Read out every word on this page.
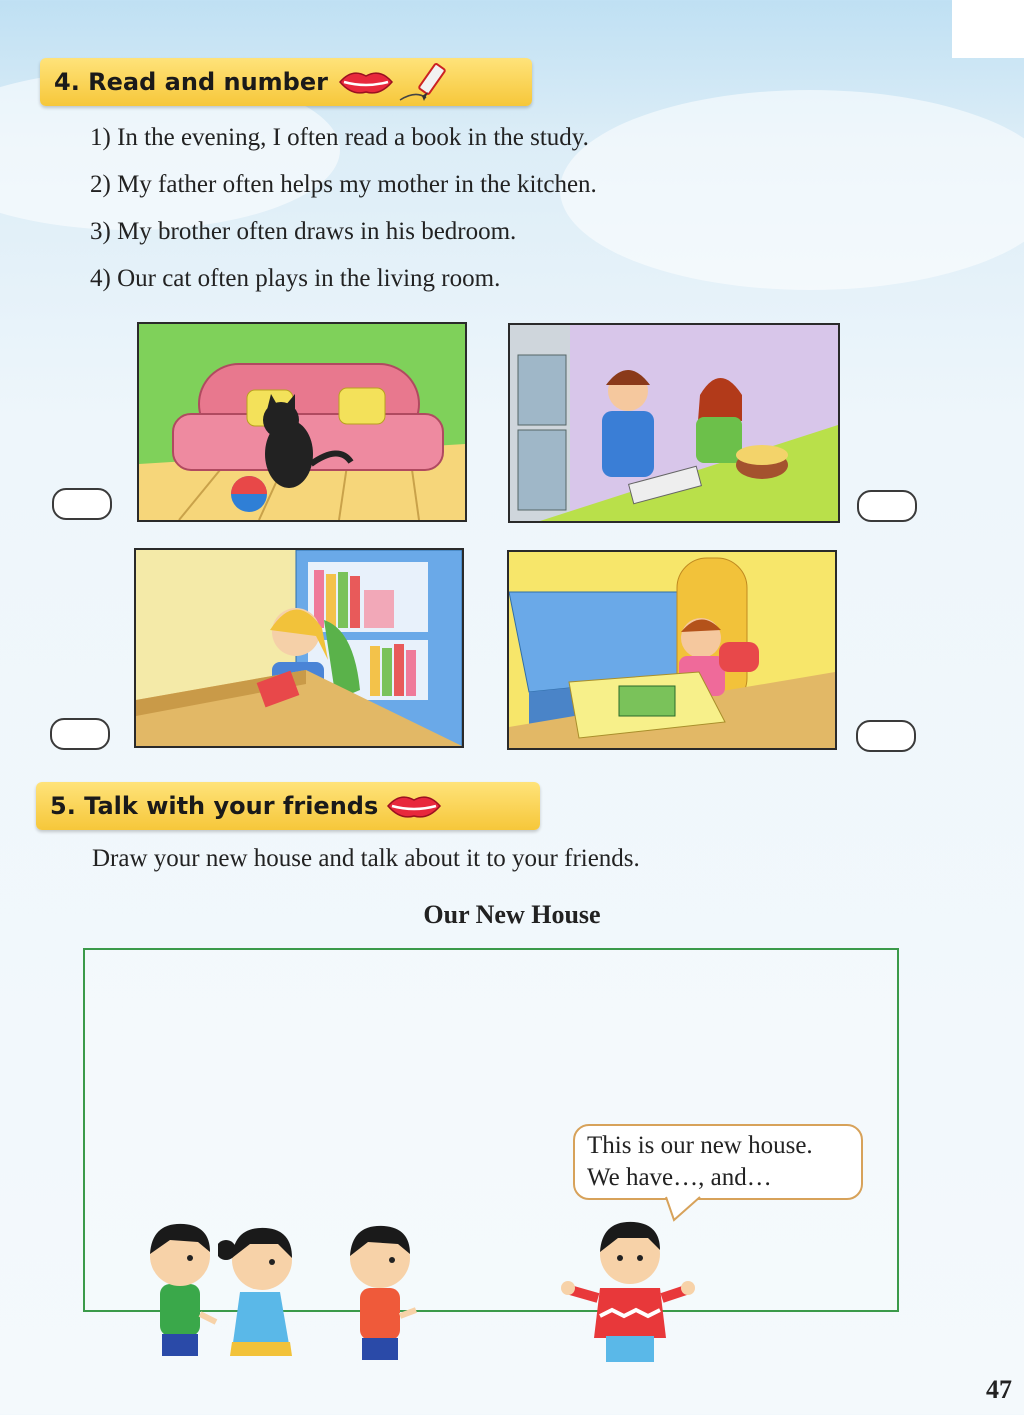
4. Read and number
1) In the evening, I often read a book in the study.
2) My father often helps my mother in the kitchen.
3) My brother often draws in his bedroom.
4) Our cat often plays in the living room.
5. Talk with your friends
Draw your new house and talk about it to your friends.
Our New House
This is our new house.
We have…, and…
47
